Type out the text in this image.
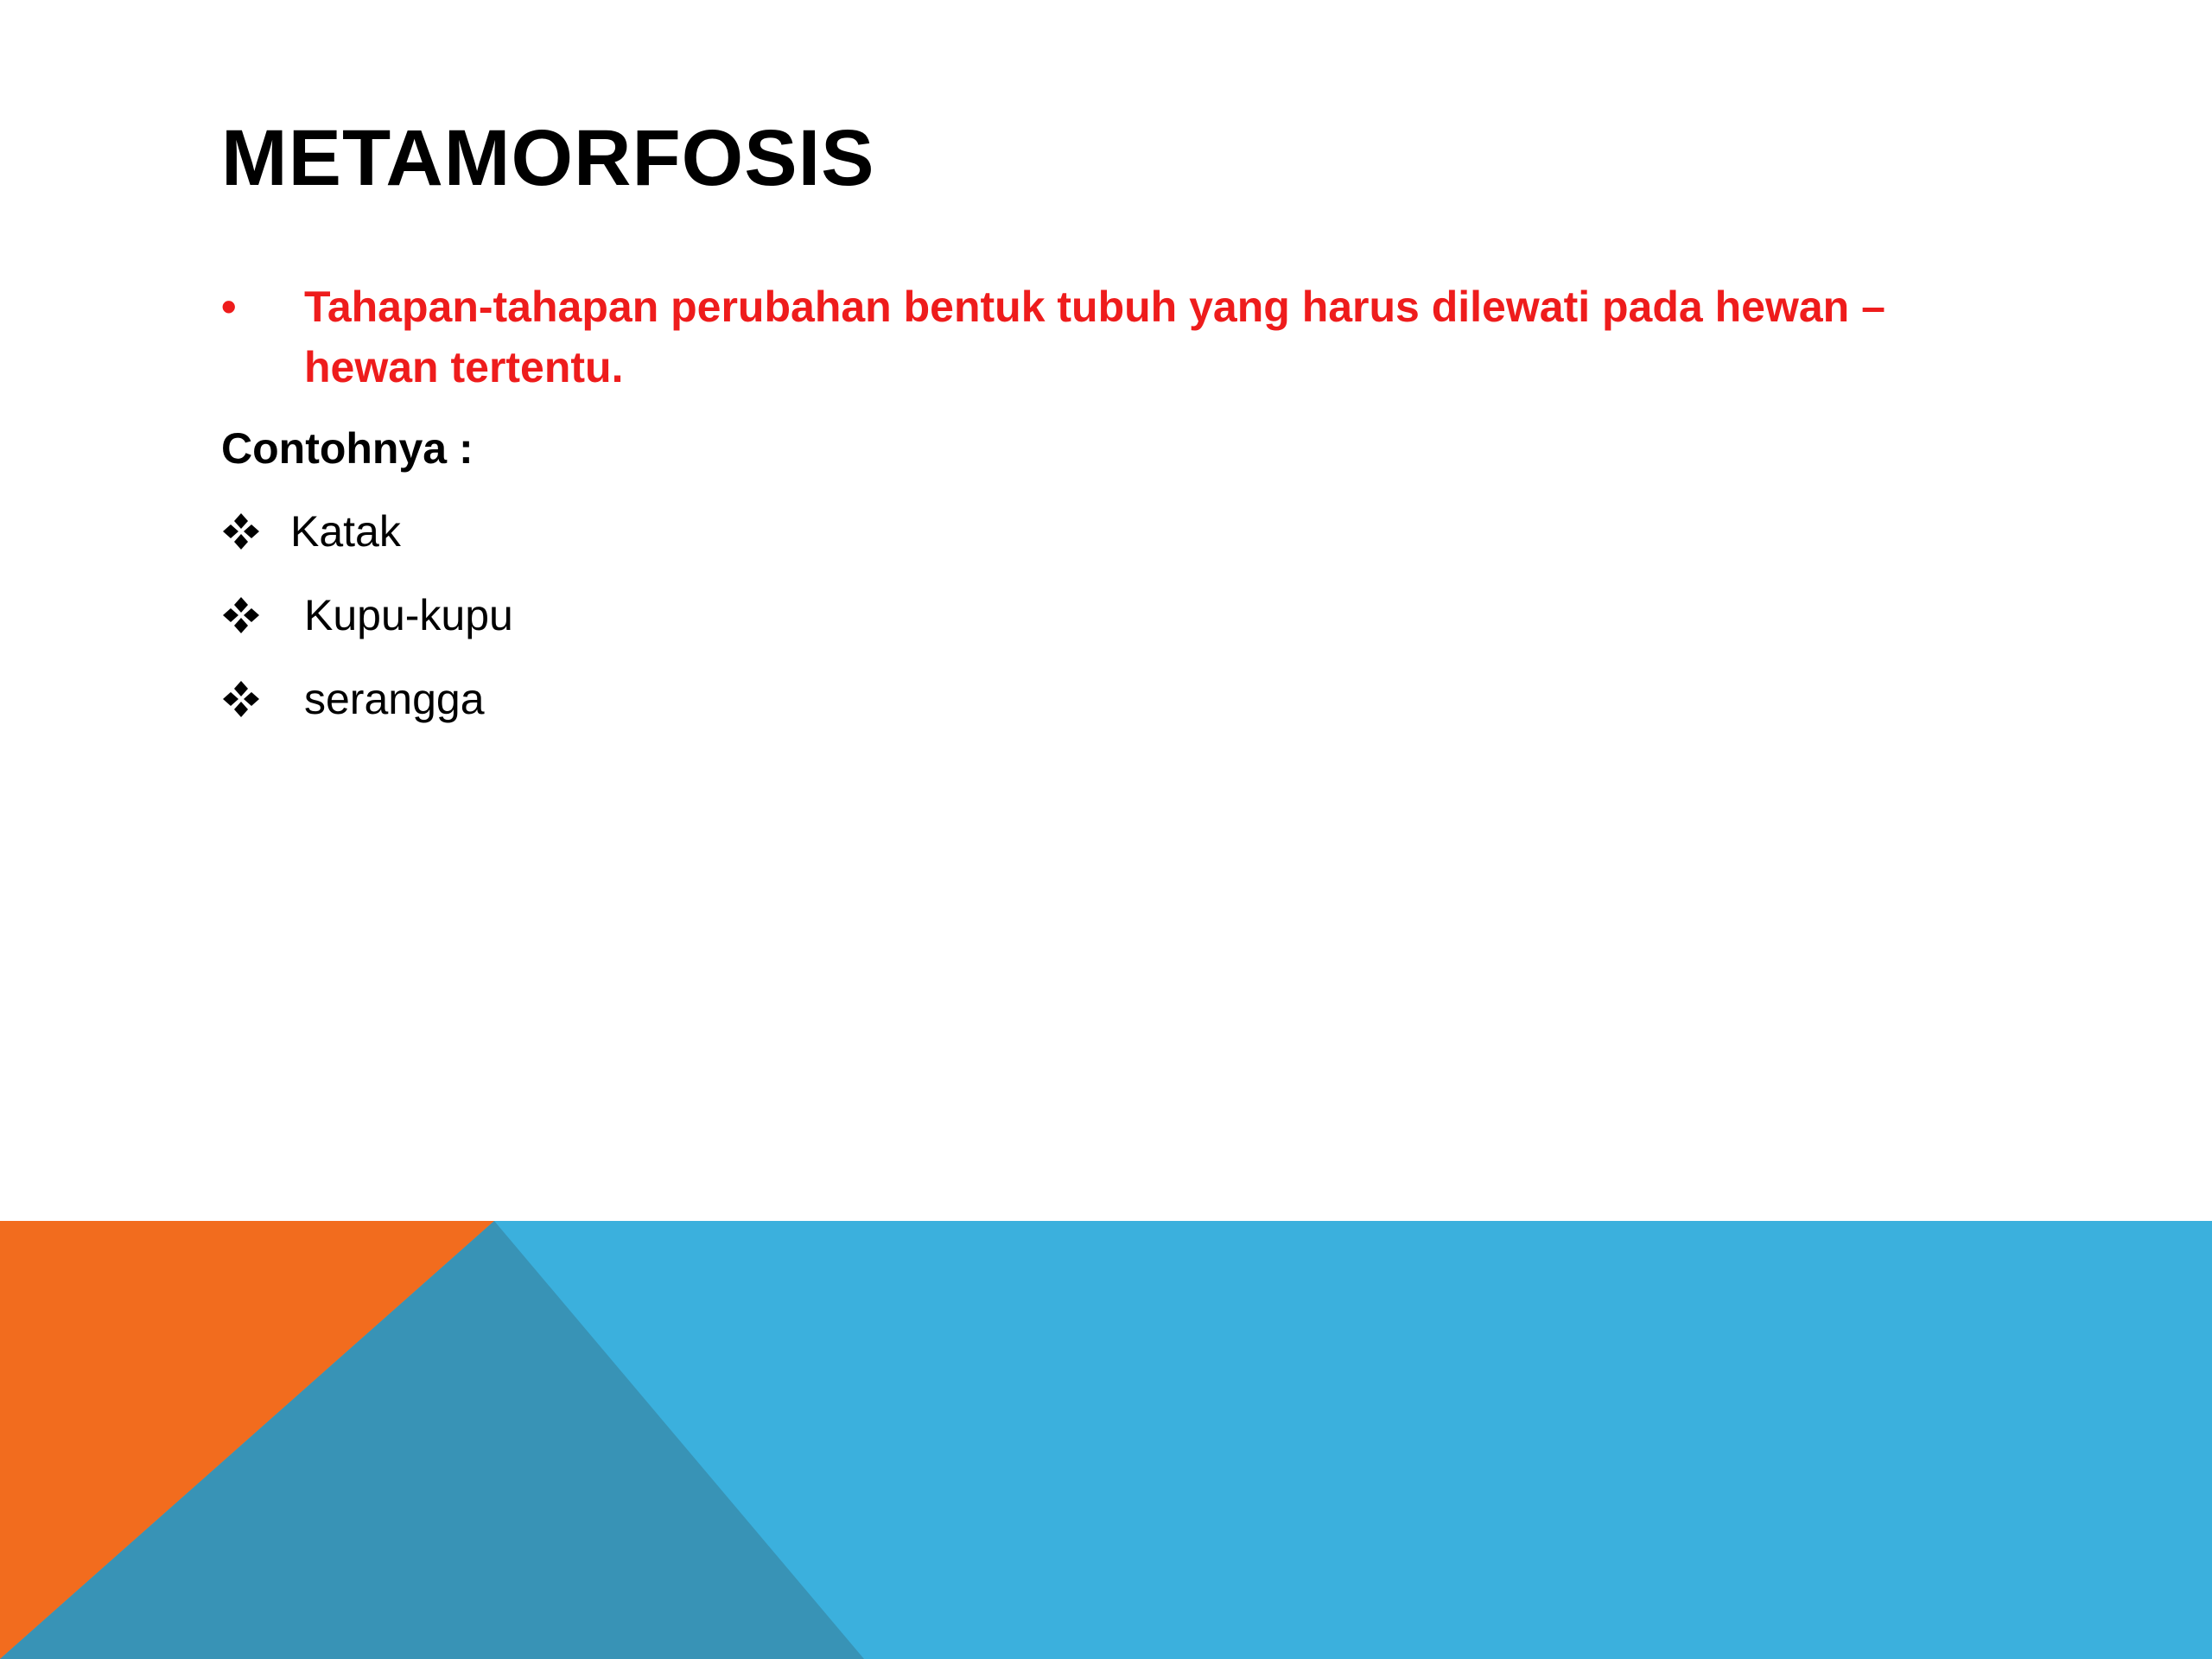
METAMORFOSIS
•	Tahapan-tahapan perubahan bentuk tubuh yang harus dilewati pada hewan – hewan tertentu.
Contohnya :
Katak
Kupu-kupu
serangga
